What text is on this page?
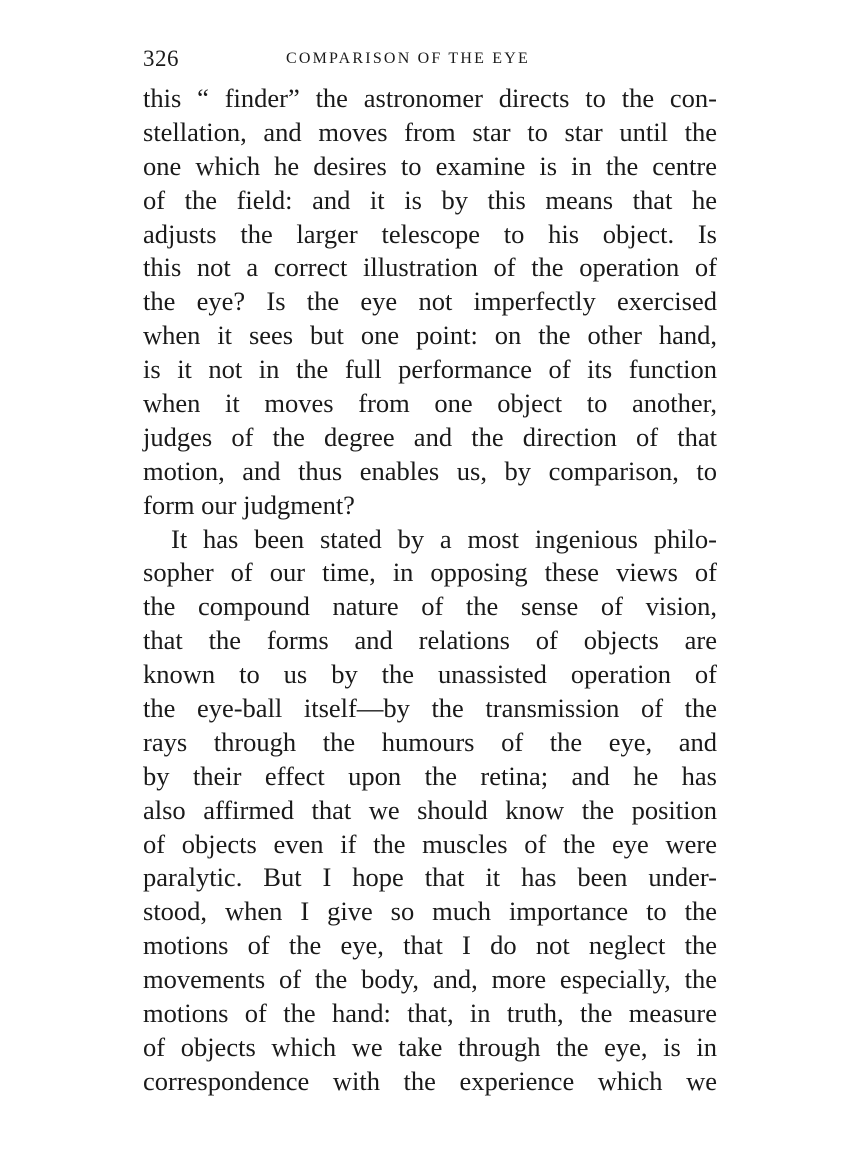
326	COMPARISON OF THE EYE
this “ finder” the astronomer directs to the con-
stellation, and moves from star to star until the
one which he desires to examine is in the centre
of the field: and it is by this means that he
adjusts the larger telescope to his object. Is
this not a correct illustration of the operation of
the eye? Is the eye not imperfectly exercised
when it sees but one point: on the other hand,
is it not in the full performance of its function
when it moves from one object to another,
judges of the degree and the direction of that
motion, and thus enables us, by comparison, to
form our judgment?
It has been stated by a most ingenious philo-
sopher of our time, in opposing these views of
the compound nature of the sense of vision,
that the forms and relations of objects are
known to us by the unassisted operation of
the eye-ball itself—by the transmission of the
rays through the humours of the eye, and
by their effect upon the retina; and he has
also affirmed that we should know the position
of objects even if the muscles of the eye were
paralytic. But I hope that it has been under-
stood, when I give so much importance to the
motions of the eye, that I do not neglect the
movements of the body, and, more especially, the
motions of the hand: that, in truth, the measure
of objects which we take through the eye, is in
correspondence with the experience which we
